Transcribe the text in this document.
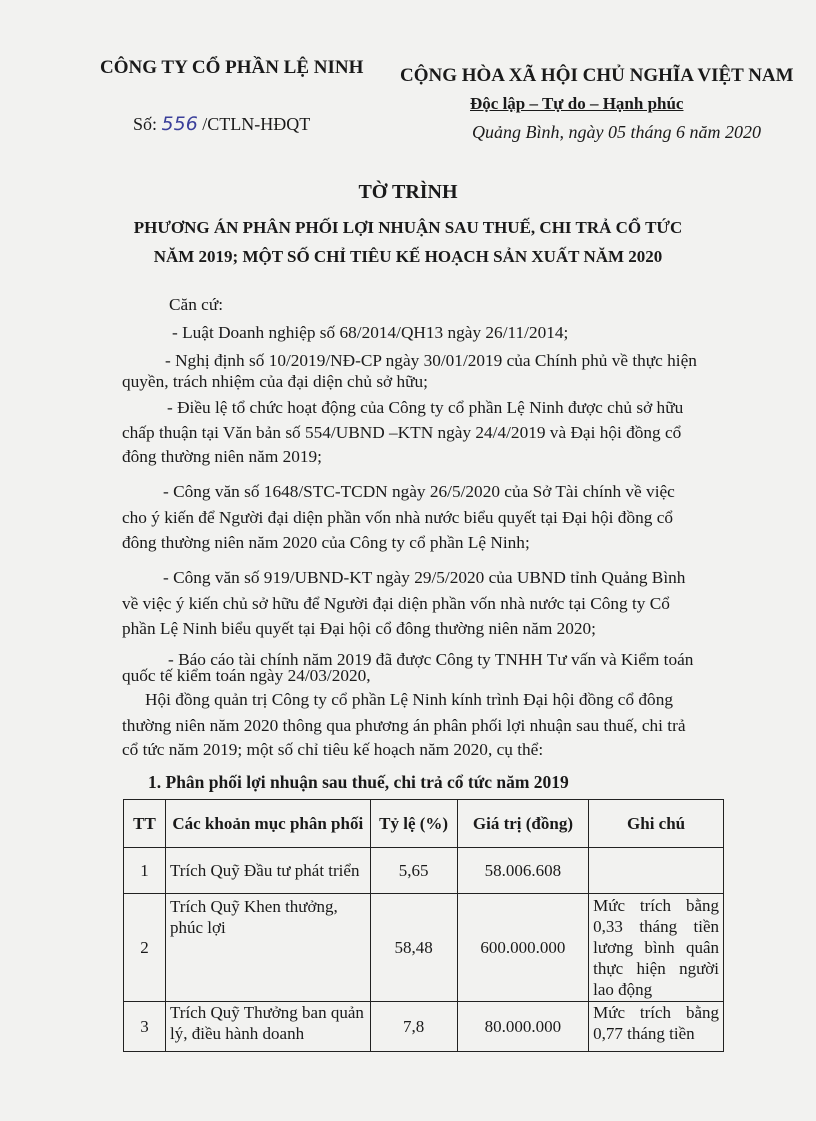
CÔNG TY CỔ PHẦN LỆ NINH CỘNG HÒA XÃ HỘI CHỦ NGHĨA VIỆT NAM
Độc lập – Tự do – Hạnh phúc
Số: 556 /CTLN-HĐQT	Quảng Bình, ngày 05 tháng 6 năm 2020
TỜ TRÌNH
PHƯƠNG ÁN PHÂN PHỐI LỢI NHUẬN SAU THUẾ, CHI TRẢ CỔ TỨC
NĂM 2019; MỘT SỐ CHỈ TIÊU KẾ HOẠCH SẢN XUẤT NĂM 2020
Căn cứ:
- Luật Doanh nghiệp số 68/2014/QH13 ngày 26/11/2014;
- Nghị định số 10/2019/NĐ-CP ngày 30/01/2019 của Chính phủ về thực hiện
quyền, trách nhiệm của đại diện chủ sở hữu;
- Điều lệ tổ chức hoạt động của Công ty cổ phần Lệ Ninh được chủ sở hữu
chấp thuận tại Văn bản số 554/UBND –KTN ngày 24/4/2019 và Đại hội đồng cổ
đông thường niên năm 2019;
- Công văn số 1648/STC-TCDN ngày 26/5/2020 của Sở Tài chính về việc
cho ý kiến để Người đại diện phần vốn nhà nước biểu quyết tại Đại hội đồng cổ
đông thường niên năm 2020 của Công ty cổ phần Lệ Ninh;
- Công văn số 919/UBND-KT ngày 29/5/2020 của UBND tỉnh Quảng Bình
về việc ý kiến chủ sở hữu để Người đại diện phần vốn nhà nước tại Công ty Cổ
phần Lệ Ninh biểu quyết tại Đại hội cổ đông thường niên năm 2020;
- Báo cáo tài chính năm 2019 đã được Công ty TNHH Tư vấn và Kiểm toán
quốc tế kiểm toán ngày 24/03/2020,
Hội đồng quản trị Công ty cổ phần Lệ Ninh kính trình Đại hội đồng cổ đông
thường niên năm 2020 thông qua phương án phân phối lợi nhuận sau thuế, chi trả
cổ tức năm 2019; một số chỉ tiêu kế hoạch năm 2020, cụ thể:
1. Phân phối lợi nhuận sau thuế, chi trả cổ tức năm 2019
TT	Các khoản mục phân phối	Tỷ lệ (%)	Giá trị (đồng)	Ghi chú
1	Trích Quỹ Đầu tư phát triển	5,65	58.006.608	
2	Trích Quỹ Khen thưởng, phúc lợi	58,48	600.000.000	Mức trích bằng 0,33 tháng tiền lương bình quân thực hiện người lao động
3	Trích Quỹ Thưởng ban quản lý, điều hành doanh	7,8	80.000.000	Mức trích bằng 0,77 tháng tiền
